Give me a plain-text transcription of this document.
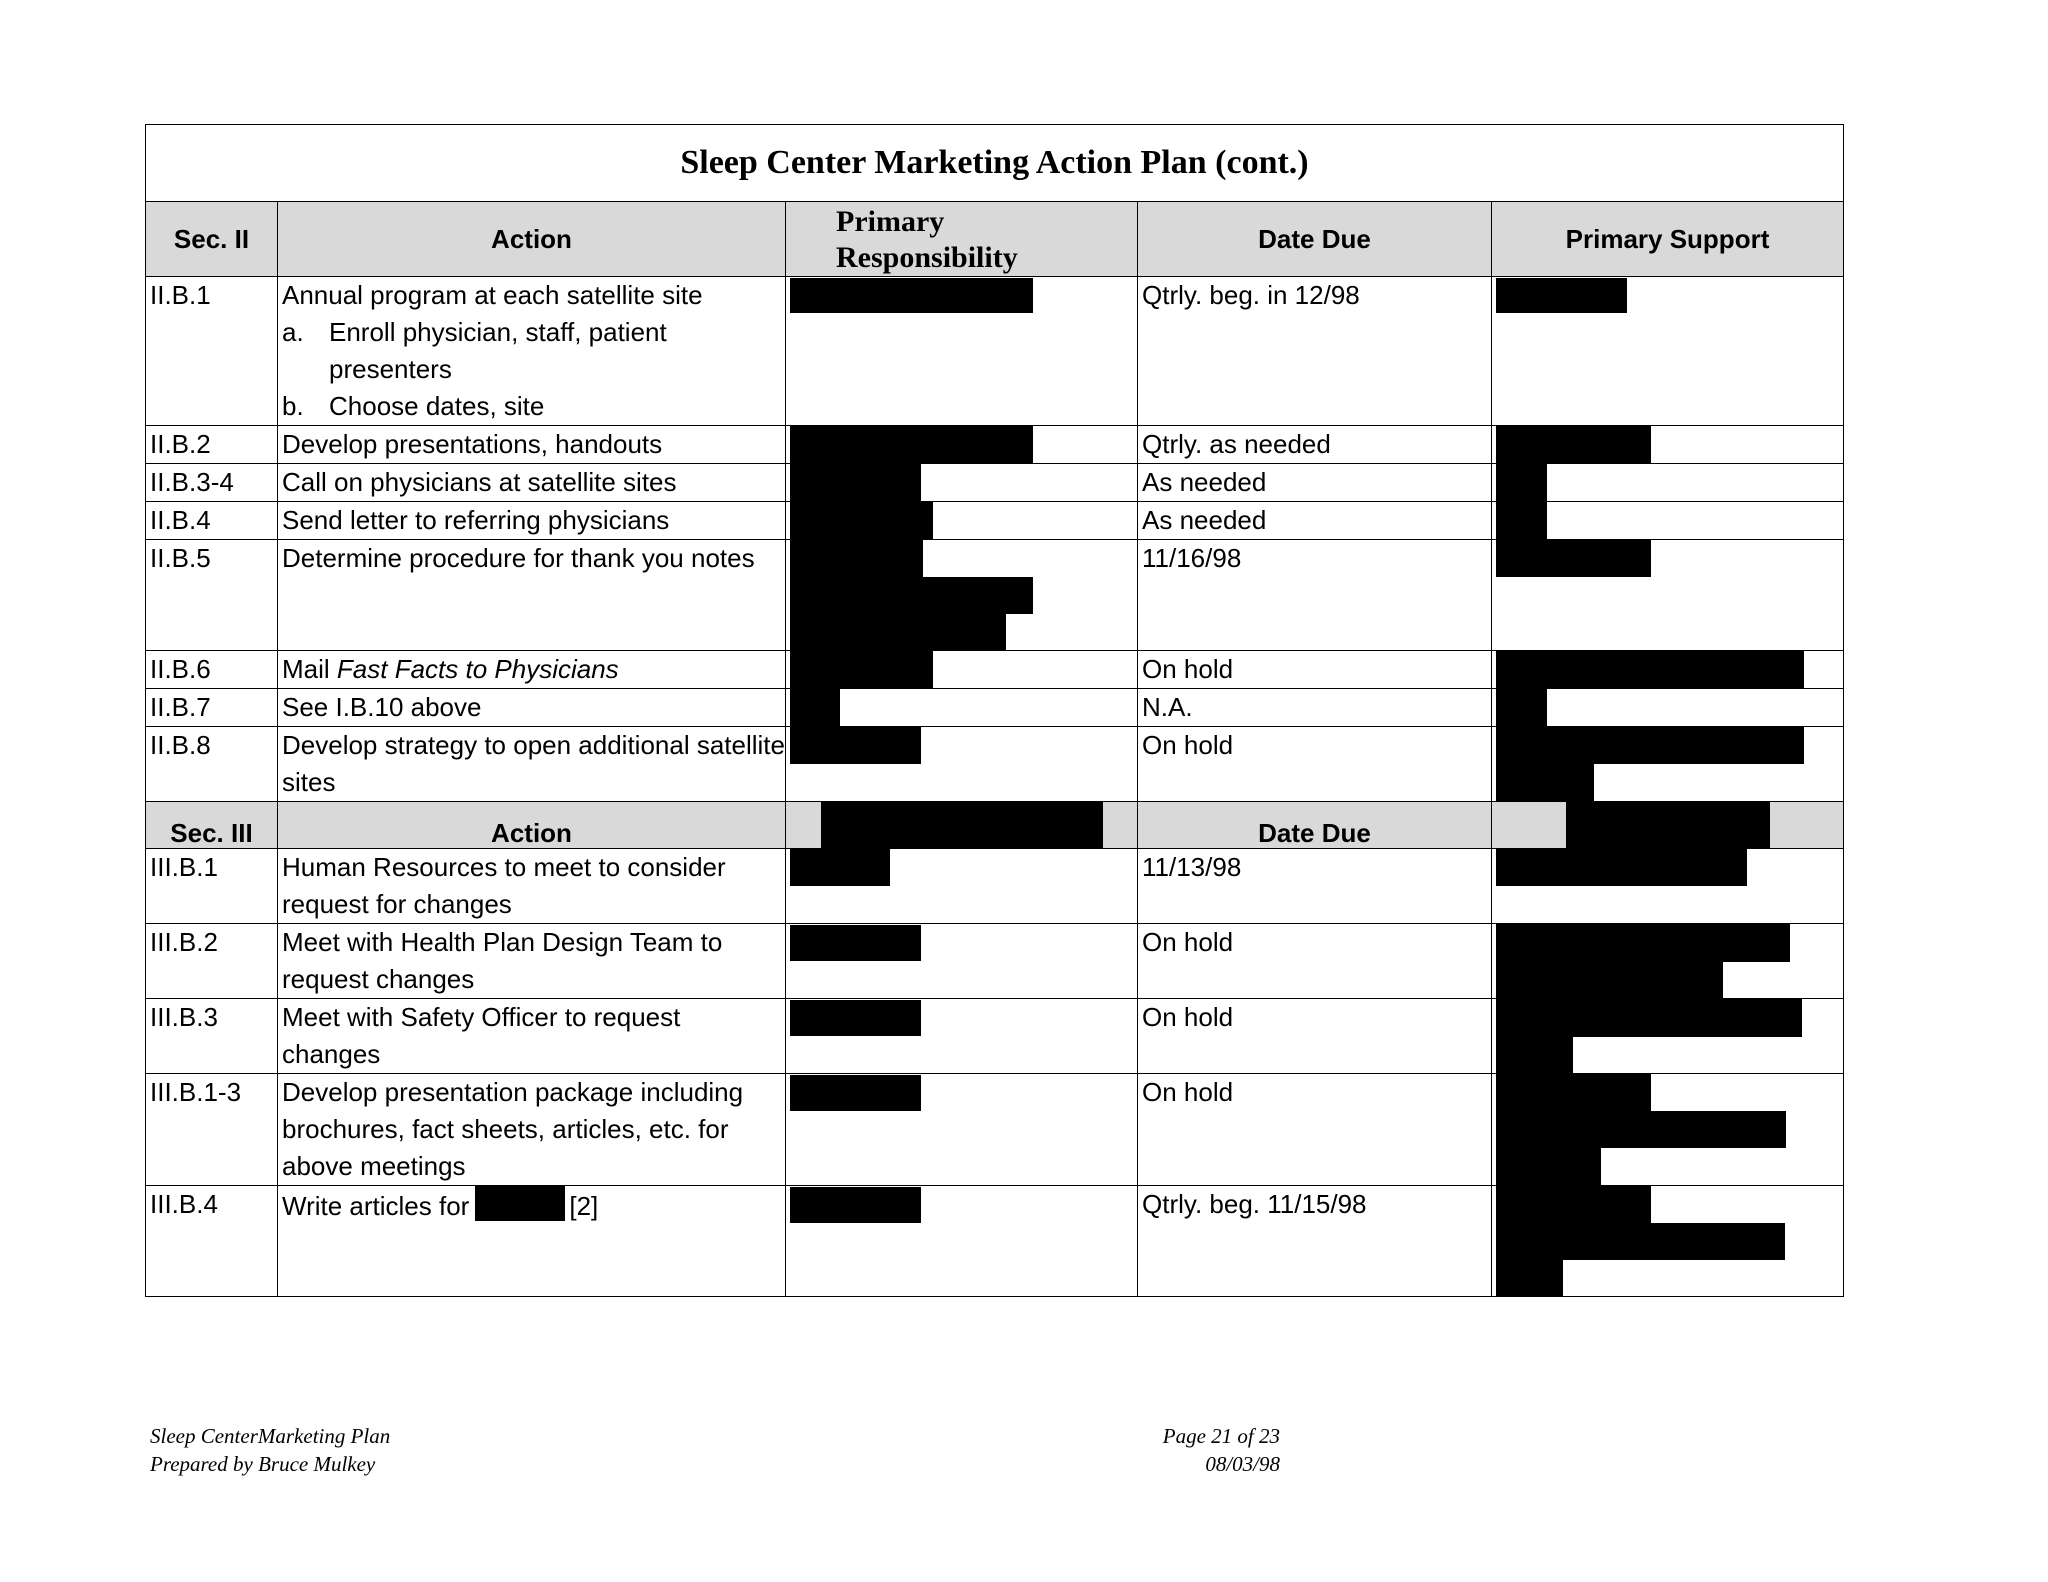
Sleep Center Marketing Action Plan (cont.)				

Sec. II	Action	Primary
Responsibility	Date Due	Primary Support

II.B.1	Annual program at each satellite site
a. Enroll physician, staff, patient presenters
b. Choose dates, site		Qtrly. beg. in 12/98	

II.B.2	Develop presentations, handouts		Qtrly. as needed	

II.B.3-4	Call on physicians at satellite sites		As needed	

II.B.4	Send letter to referring physicians		As needed	

II.B.5	Determine procedure for thank you notes		11/16/98	

II.B.6	Mail Fast Facts to Physicians		On hold	

II.B.7	See I.B.10 above		N.A.	

II.B.8	Develop strategy to open additional satellite sites		On hold	

Sec. III	Action		Date Due	

III.B.1	Human Resources to meet to consider request for changes		11/13/98	

III.B.2	Meet with Health Plan Design Team to request changes		On hold	

III.B.3	Meet with Safety Officer to request changes		On hold	

III.B.1-3	Develop presentation package including brochures, fact sheets, articles, etc. for above meetings		On hold	

III.B.4	Write articles for [2]		Qtrly. beg. 11/15/98	

Sleep CenterMarketing Plan
Prepared by Bruce Mulkey
Page 21 of 23
08/03/98
